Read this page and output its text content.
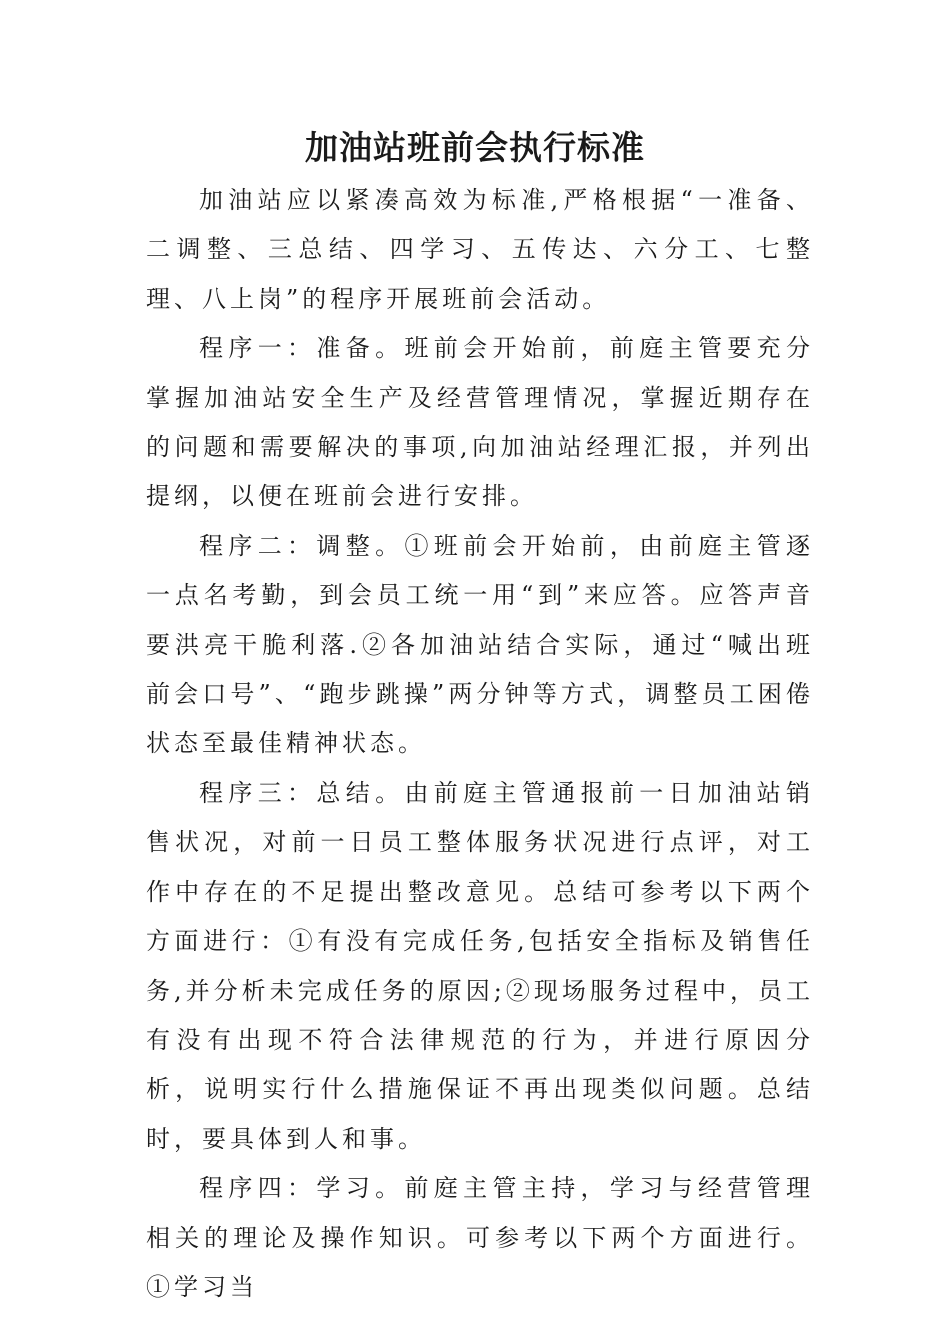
加油站班前会执行标准

加油站应以紧凑高效为标准,严格根据“一准备、二调整、三总结、四学习、五传达、六分工、七整理、八上岗”的程序开展班前会活动。

程序一：准备。班前会开始前，前庭主管要充分掌握加油站安全生产及经营管理情况，掌握近期存在的问题和需要解决的事项,向加油站经理汇报，并列出提纲，以便在班前会进行安排。

程序二：调整。①班前会开始前，由前庭主管逐一点名考勤，到会员工统一用“到”来应答。应答声音要洪亮干脆利落.②各加油站结合实际，通过“喊出班前会口号”、“跑步跳操”两分钟等方式，调整员工困倦状态至最佳精神状态。

程序三：总结。由前庭主管通报前一日加油站销售状况，对前一日员工整体服务状况进行点评，对工作中存在的不足提出整改意见。总结可参考以下两个方面进行：①有没有完成任务,包括安全指标及销售任务,并分析未完成任务的原因;②现场服务过程中，员工有没有出现不符合法律规范的行为，并进行原因分析，说明实行什么措施保证不再出现类似问题。总结时，要具体到人和事。

程序四：学习。前庭主管主持，学习与经营管理相关的理论及操作知识。可参考以下两个方面进行。①学习当
